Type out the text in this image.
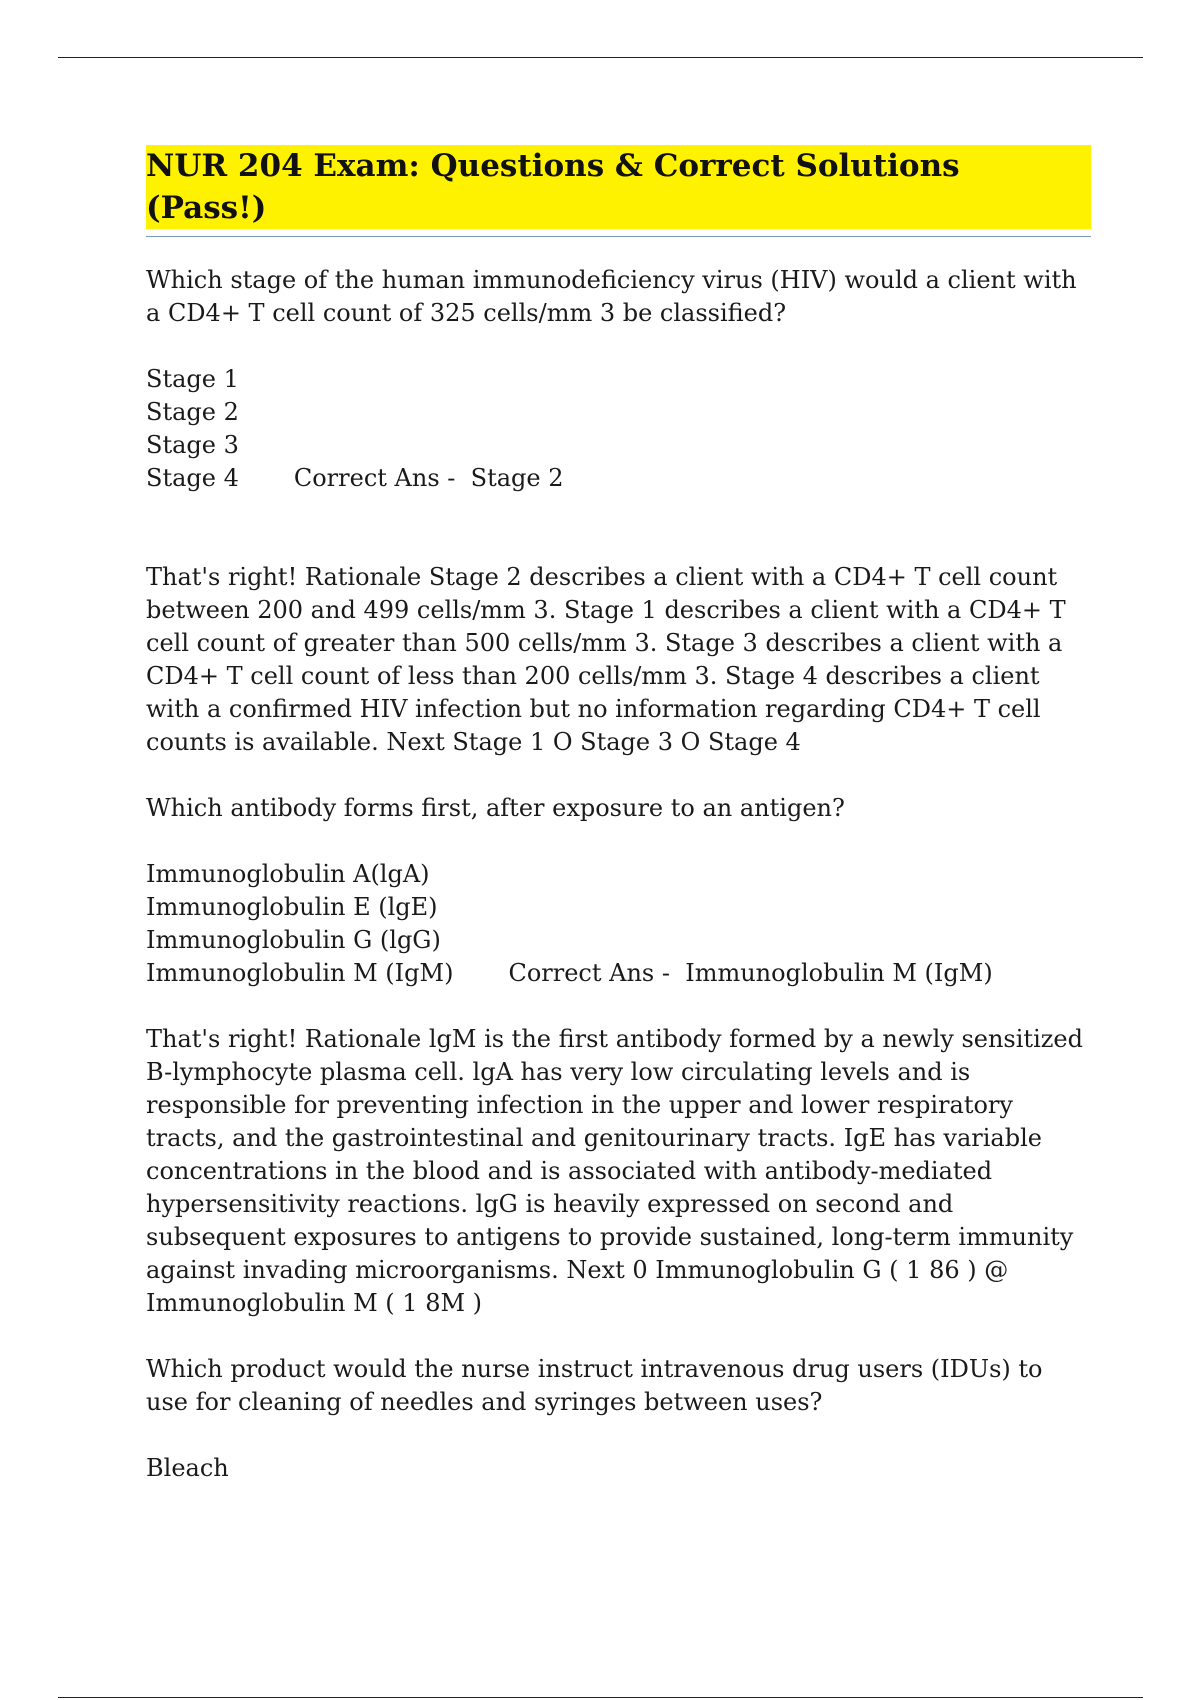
NUR 204 Exam: Questions & Correct Solutions (Pass!)

Which stage of the human immunodeficiency virus (HIV) would a client with a CD4+ T cell count of 325 cells/mm 3 be classified?

Stage 1
Stage 2
Stage 3
Stage 4 Correct Ans -  Stage 2

That's right! Rationale Stage 2 describes a client with a CD4+ T cell count between 200 and 499 cells/mm 3. Stage 1 describes a client with a CD4+ T cell count of greater than 500 cells/mm 3. Stage 3 describes a client with a CD4+ T cell count of less than 200 cells/mm 3. Stage 4 describes a client with a confirmed HIV infection but no information regarding CD4+ T cell counts is available. Next Stage 1 O Stage 3 O Stage 4

Which antibody forms first, after exposure to an antigen?

Immunoglobulin A(lgA)
Immunoglobulin E (lgE)
Immunoglobulin G (lgG)
Immunoglobulin M (IgM) Correct Ans -  Immunoglobulin M (IgM)

That's right! Rationale lgM is the first antibody formed by a newly sensitized B-lymphocyte plasma cell. lgA has very low circulating levels and is responsible for preventing infection in the upper and lower respiratory tracts, and the gastrointestinal and genitourinary tracts. IgE has variable concentrations in the blood and is associated with antibody-mediated hypersensitivity reactions. lgG is heavily expressed on second and subsequent exposures to antigens to provide sustained, long-term immunity against invading microorganisms. Next 0 Immunoglobulin G ( 1 86 ) @ Immunoglobulin M ( 1 8M )

Which product would the nurse instruct intravenous drug users (IDUs) to use for cleaning of needles and syringes between uses?

Bleach
